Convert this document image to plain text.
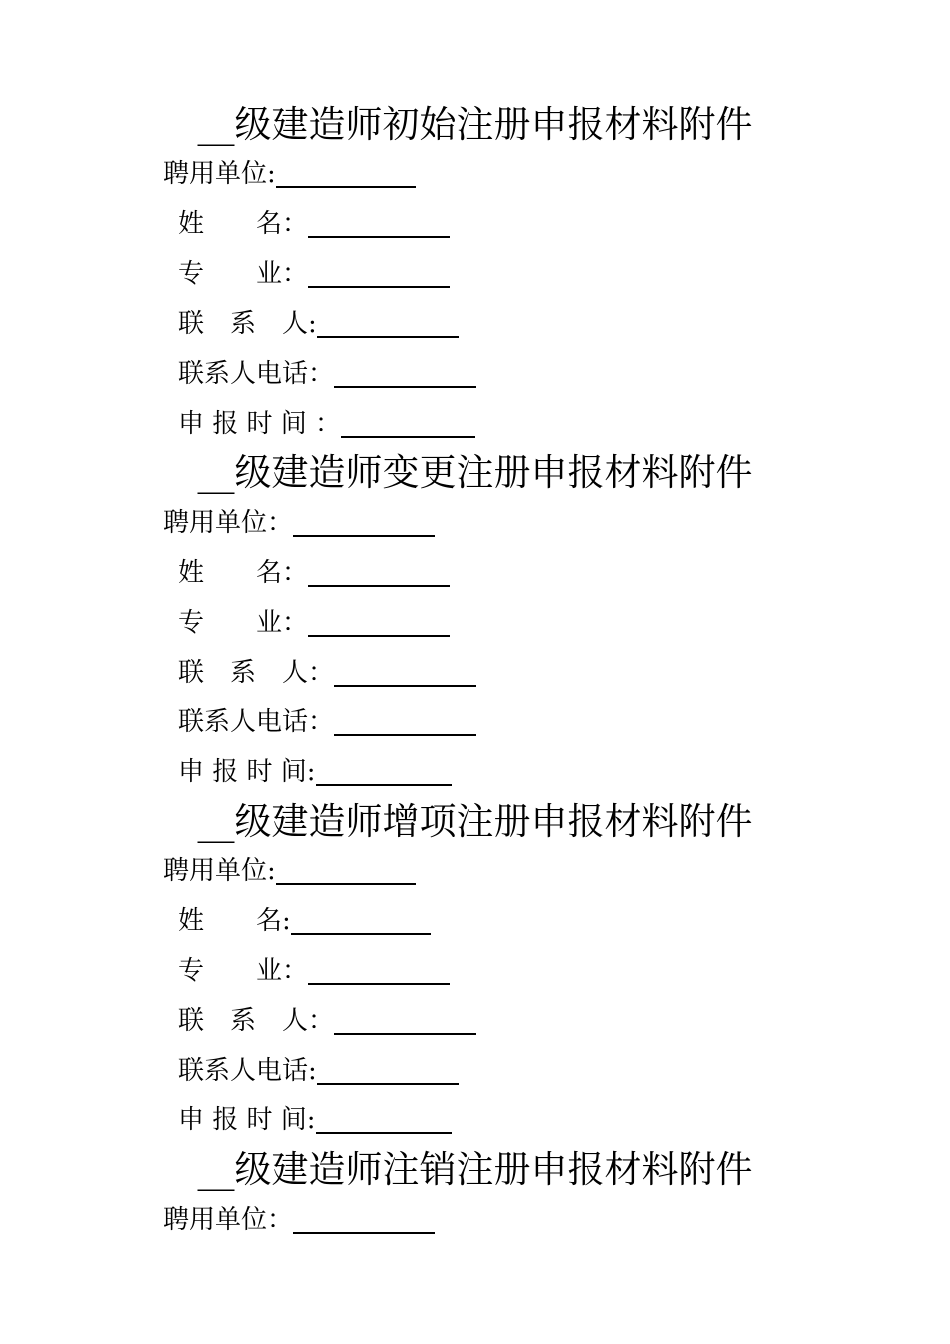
__级建造师初始注册申报材料附件
聘用单位:
姓　　名：
专　　业：
联　系　人:
联系人电话：
申 报 时 间 ：
__级建造师变更注册申报材料附件
聘用单位：
姓　　名：
专　　业：
联　系　人：
联系人电话：
申 报 时 间:
__级建造师增项注册申报材料附件
聘用单位:
姓　　名:
专　　业：
联　系　人：
联系人电话:
申 报 时 间:
__级建造师注销注册申报材料附件
聘用单位：
